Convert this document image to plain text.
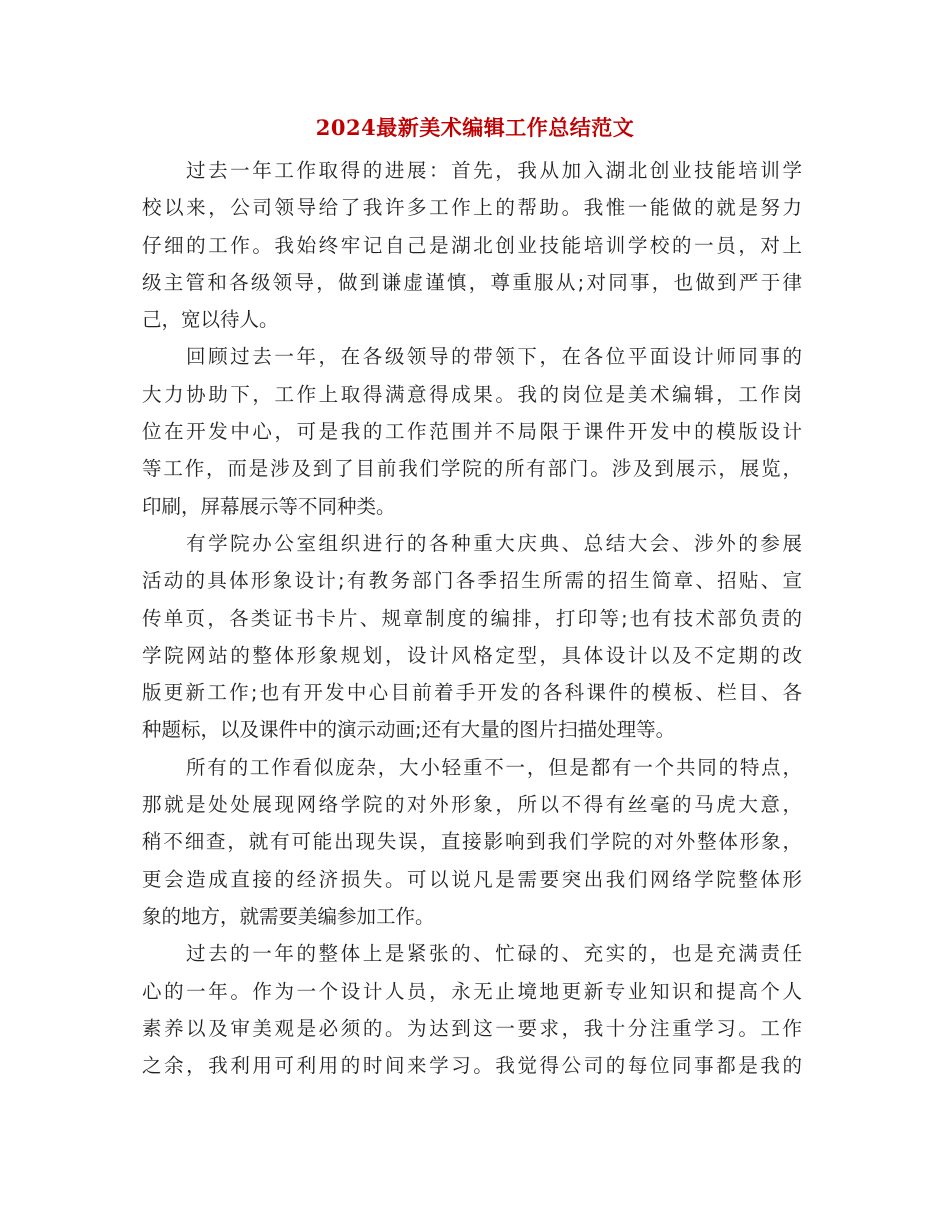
2024最新美术编辑工作总结范文

过去一年工作取得的进展：首先，我从加入湖北创业技能培训学
校以来，公司领导给了我许多工作上的帮助。我惟一能做的就是努力
仔细的工作。我始终牢记自己是湖北创业技能培训学校的一员，对上
级主管和各级领导，做到谦虚谨慎，尊重服从;对同事，也做到严于律
己，宽以待人。

回顾过去一年，在各级领导的带领下，在各位平面设计师同事的
大力协助下，工作上取得满意得成果。我的岗位是美术编辑，工作岗
位在开发中心，可是我的工作范围并不局限于课件开发中的模版设计
等工作，而是涉及到了目前我们学院的所有部门。涉及到展示，展览，
印刷，屏幕展示等不同种类。

有学院办公室组织进行的各种重大庆典、总结大会、涉外的参展
活动的具体形象设计;有教务部门各季招生所需的招生简章、招贴、宣
传单页，各类证书卡片、规章制度的编排，打印等;也有技术部负责的
学院网站的整体形象规划，设计风格定型，具体设计以及不定期的改
版更新工作;也有开发中心目前着手开发的各科课件的模板、栏目、各
种题标，以及课件中的演示动画;还有大量的图片扫描处理等。

所有的工作看似庞杂，大小轻重不一，但是都有一个共同的特点，
那就是处处展现网络学院的对外形象，所以不得有丝毫的马虎大意，
稍不细查，就有可能出现失误，直接影响到我们学院的对外整体形象，
更会造成直接的经济损失。可以说凡是需要突出我们网络学院整体形
象的地方，就需要美编参加工作。

过去的一年的整体上是紧张的、忙碌的、充实的，也是充满责任
心的一年。作为一个设计人员，永无止境地更新专业知识和提高个人
素养以及审美观是必须的。为达到这一要求，我十分注重学习。工作
之余，我利用可利用的时间来学习。我觉得公司的每位同事都是我的
